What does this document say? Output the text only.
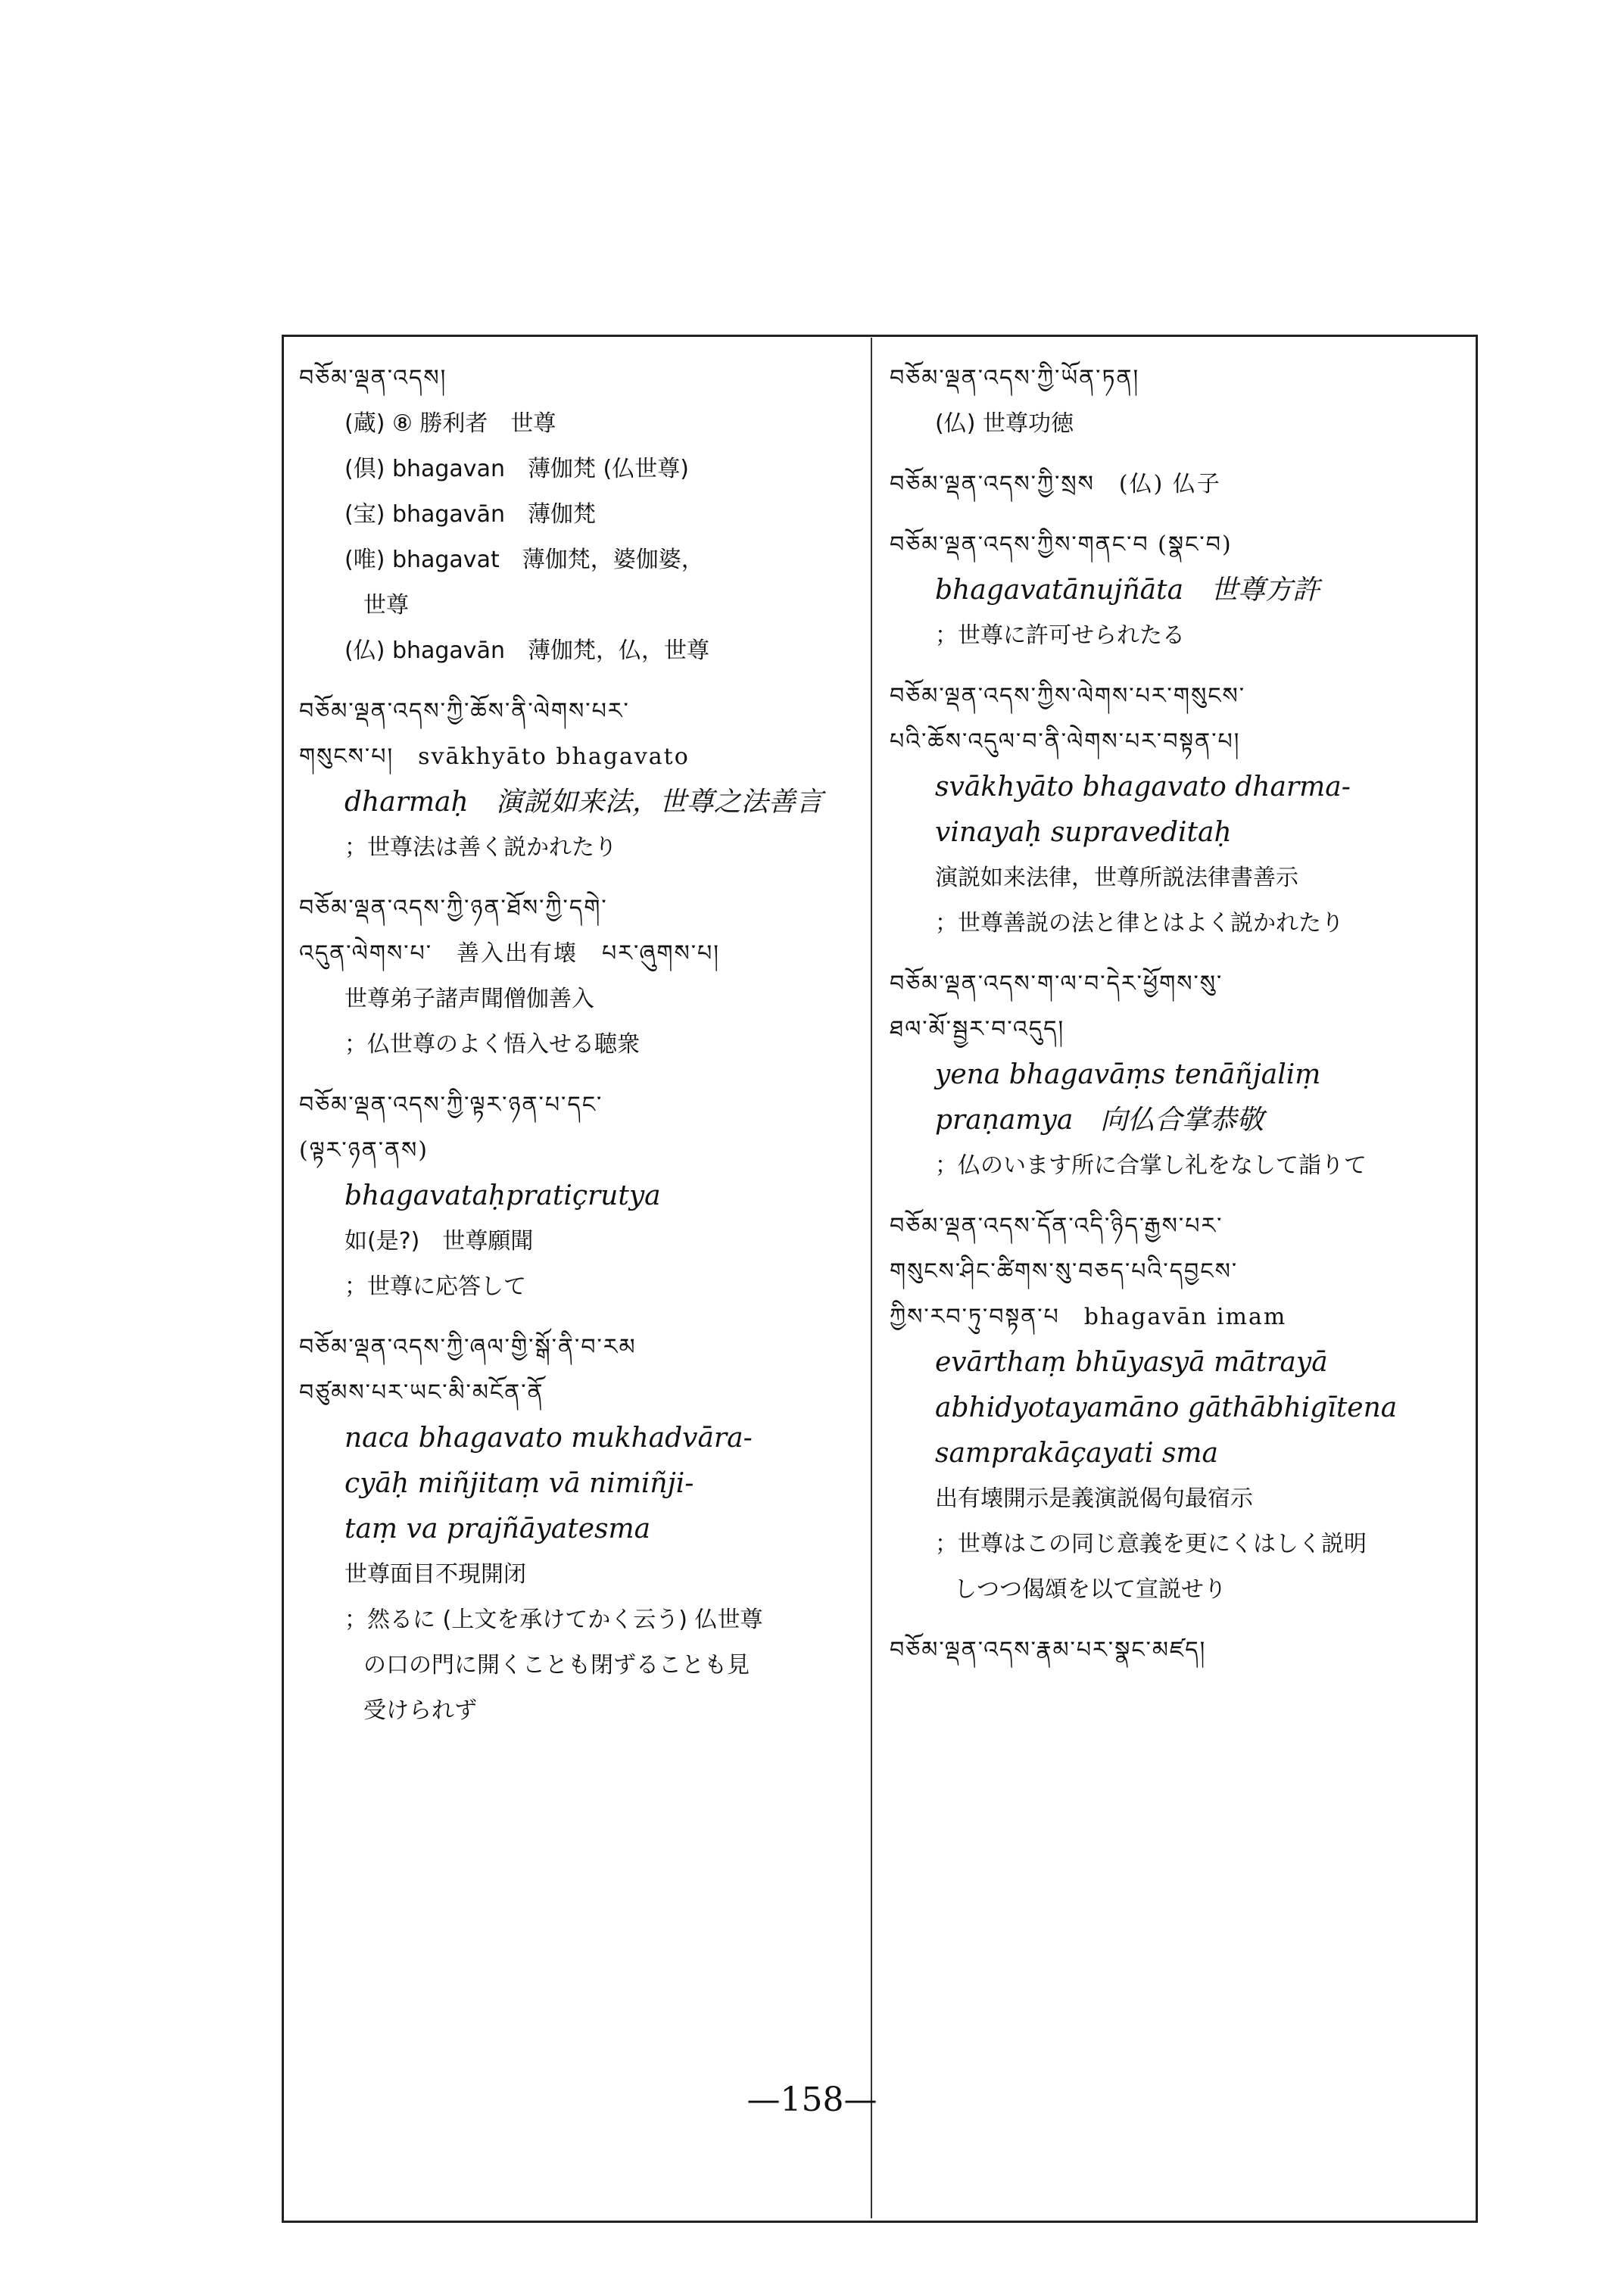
བཅོམ་ལྡན་འདས།
(蔵) ⑧ 勝利者　世尊
(倶) bhagavan　薄伽梵 (仏世尊)
(宝) bhagavān　薄伽梵
(唯) bhagavat　薄伽梵，婆伽婆，
世尊
(仏) bhagavān　薄伽梵，仏，世尊
བཅོམ་ལྡན་འདས་ཀྱི་ཆོས་ནི་ལེགས་པར་
གསུངས་པ།　svākhyāto bhagavato
dharmaḥ　演説如来法，世尊之法善言
；世尊法は善く説かれたり
བཅོམ་ལྡན་འདས་ཀྱི་ཉན་ཐོས་ཀྱི་དགེ་
འདུན་ལེགས་པ་　善入出有壊　པར་ཞུགས་པ།
世尊弟子諸声聞僧伽善入
；仏世尊のよく悟入せる聴衆
བཅོམ་ལྡན་འདས་ཀྱི་ལྟར་ཉན་པ་དང་
(ལྟར་ཉན་ནས)
bhagavataḥpratiçrutya
如(是?)　世尊願聞
；世尊に応答して
བཅོམ་ལྡན་འདས་ཀྱི་ཞལ་གྱི་སྒོ་ནི་བ་རམ
བཙུམས་པར་ཡང་མི་མངོན་ནོ
naca bhagavato mukhadvāra-
cyāḥ miñjitaṃ vā nimiñji-
taṃ va prajñāyatesma
世尊面目不現開闭
；然るに (上文を承けてかく云う) 仏世尊
の口の門に開くことも閉ずることも見
受けられず
བཅོམ་ལྡན་འདས་ཀྱི་ཡོན་ཏན།
(仏) 世尊功徳
བཅོམ་ལྡན་འདས་ཀྱི་སྲས　(仏) 仏子
བཅོམ་ལྡན་འདས་ཀྱིས་གནང་བ (སྣང་བ)
bhagavatānujñāta　世尊方許
；世尊に許可せられたる
བཅོམ་ལྡན་འདས་ཀྱིས་ལེགས་པར་གསུངས་
པའི་ཆོས་འདུལ་བ་ནི་ལེགས་པར་བསྟན་པ།
svākhyāto bhagavato dharma-
vinayaḥ supraveditaḥ
演説如来法律，世尊所説法律書善示
；世尊善説の法と律とはよく説かれたり
བཅོམ་ལྡན་འདས་ག་ལ་བ་དེར་ཕྱོགས་སུ་
ཐལ་མོ་སྦྱར་བ་འདུད།
yena bhagavāṃs tenāñjaliṃ
praṇamya　向仏合掌恭敬
；仏のいます所に合掌し礼をなして詣りて
བཅོམ་ལྡན་འདས་དོན་འདི་ཉིད་རྒྱས་པར་
གསུངས་ཤིང་ཚིགས་སུ་བཅད་པའི་དབྱངས་
ཀྱིས་རབ་ཏུ་བསྟན་པ　bhagavān imam
evārthaṃ bhūyasyā mātrayā
abhidyotayamāno gāthābhigītena
samprakāçayati sma
出有壊開示是義演説偈句最宿示
；世尊はこの同じ意義を更にくはしく説明
しつつ偈頌を以て宣説せり
བཅོམ་ལྡན་འདས་རྣམ་པར་སྣང་མཛད།
—158—
